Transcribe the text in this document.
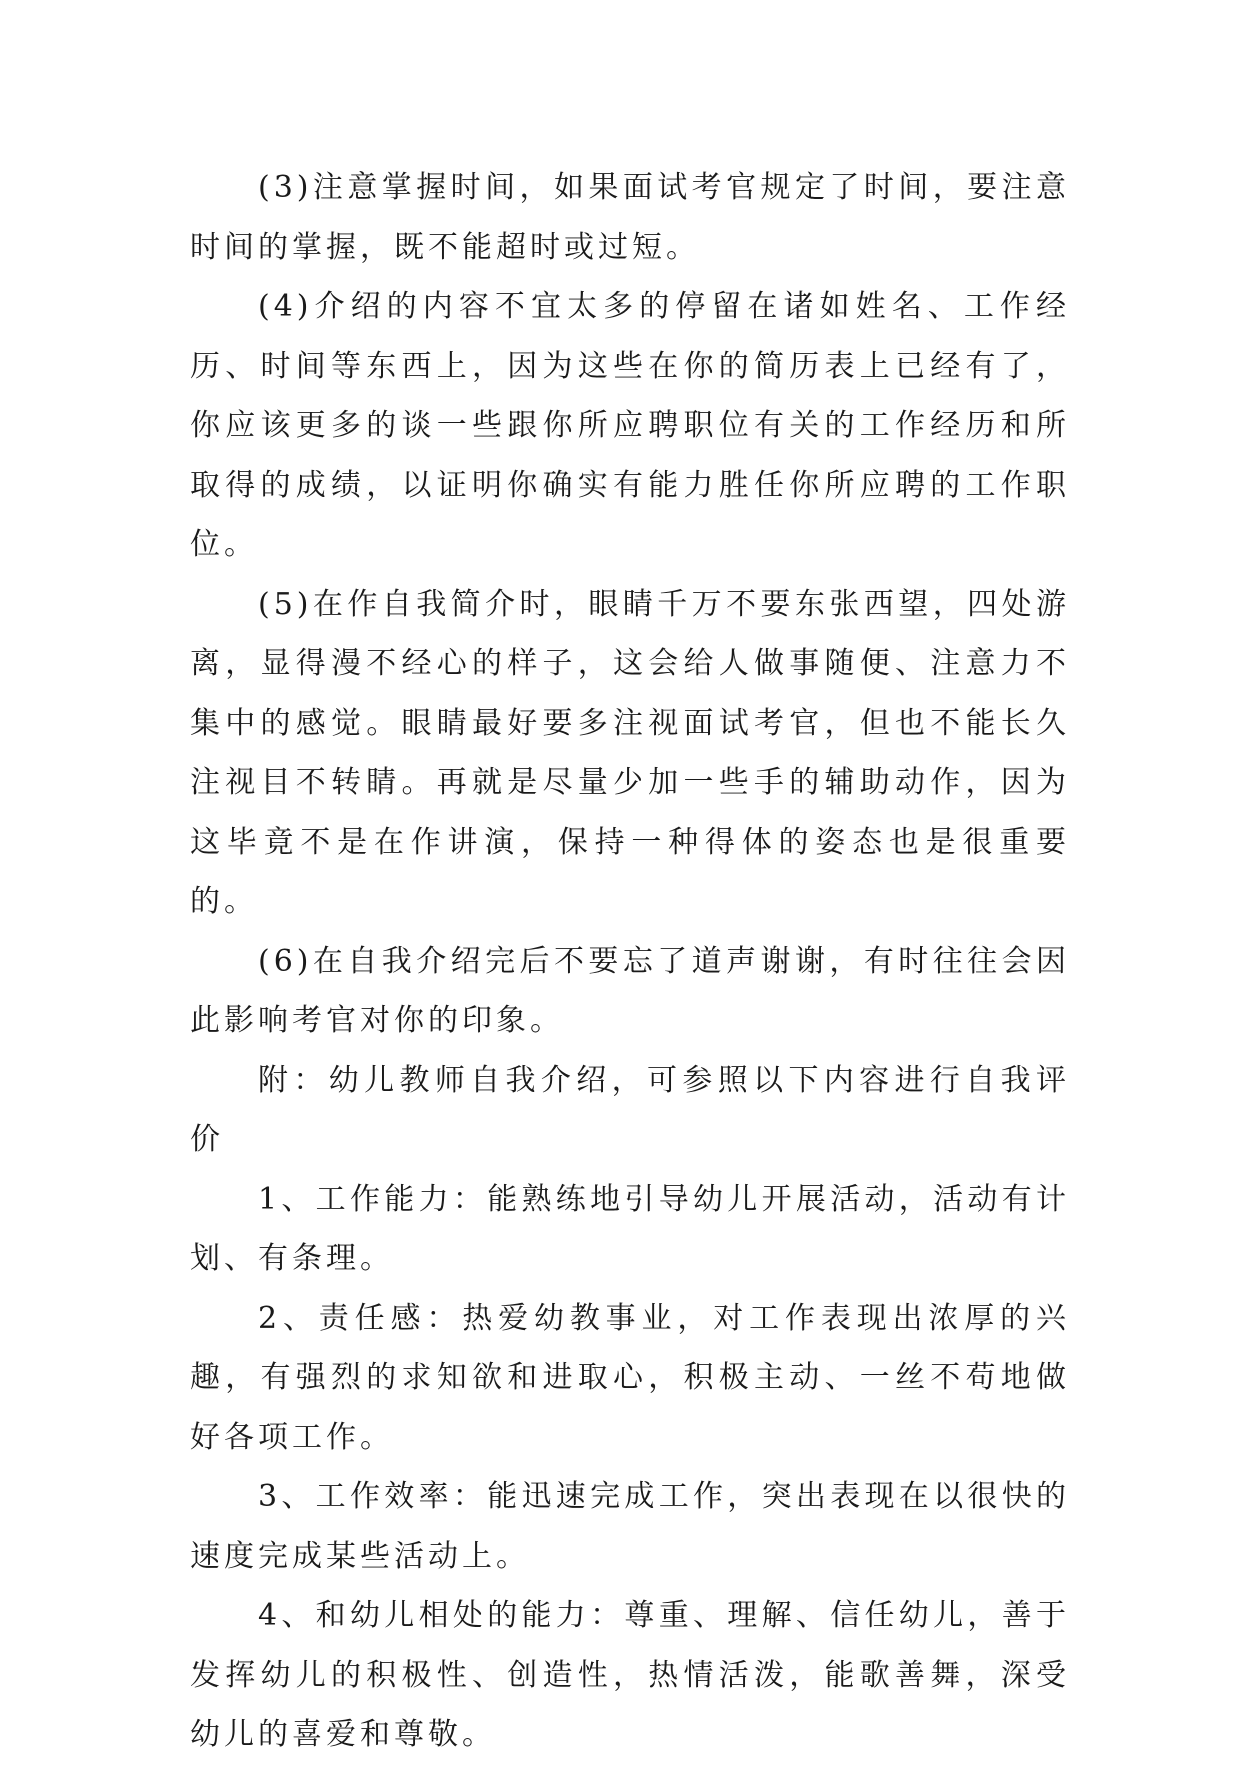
(3)注意掌握时间，如果面试考官规定了时间，要注意时间的掌握，既不能超时或过短。

(4)介绍的内容不宜太多的停留在诸如姓名、工作经历、时间等东西上，因为这些在你的简历表上已经有了，你应该更多的谈一些跟你所应聘职位有关的工作经历和所取得的成绩，以证明你确实有能力胜任你所应聘的工作职位。

(5)在作自我简介时，眼睛千万不要东张西望，四处游离，显得漫不经心的样子，这会给人做事随便、注意力不集中的感觉。眼睛最好要多注视面试考官，但也不能长久注视目不转睛。再就是尽量少加一些手的辅助动作，因为这毕竟不是在作讲演，保持一种得体的姿态也是很重要的。

(6)在自我介绍完后不要忘了道声谢谢，有时往往会因此影响考官对你的印象。

附：幼儿教师自我介绍，可参照以下内容进行自我评价

1、工作能力：能熟练地引导幼儿开展活动，活动有计划、有条理。

2、责任感：热爱幼教事业，对工作表现出浓厚的兴趣，有强烈的求知欲和进取心，积极主动、一丝不苟地做好各项工作。

3、工作效率：能迅速完成工作，突出表现在以很快的速度完成某些活动上。

4、和幼儿相处的能力：尊重、理解、信任幼儿，善于发挥幼儿的积极性、创造性，热情活泼，能歌善舞，深受幼儿的喜爱和尊敬。
